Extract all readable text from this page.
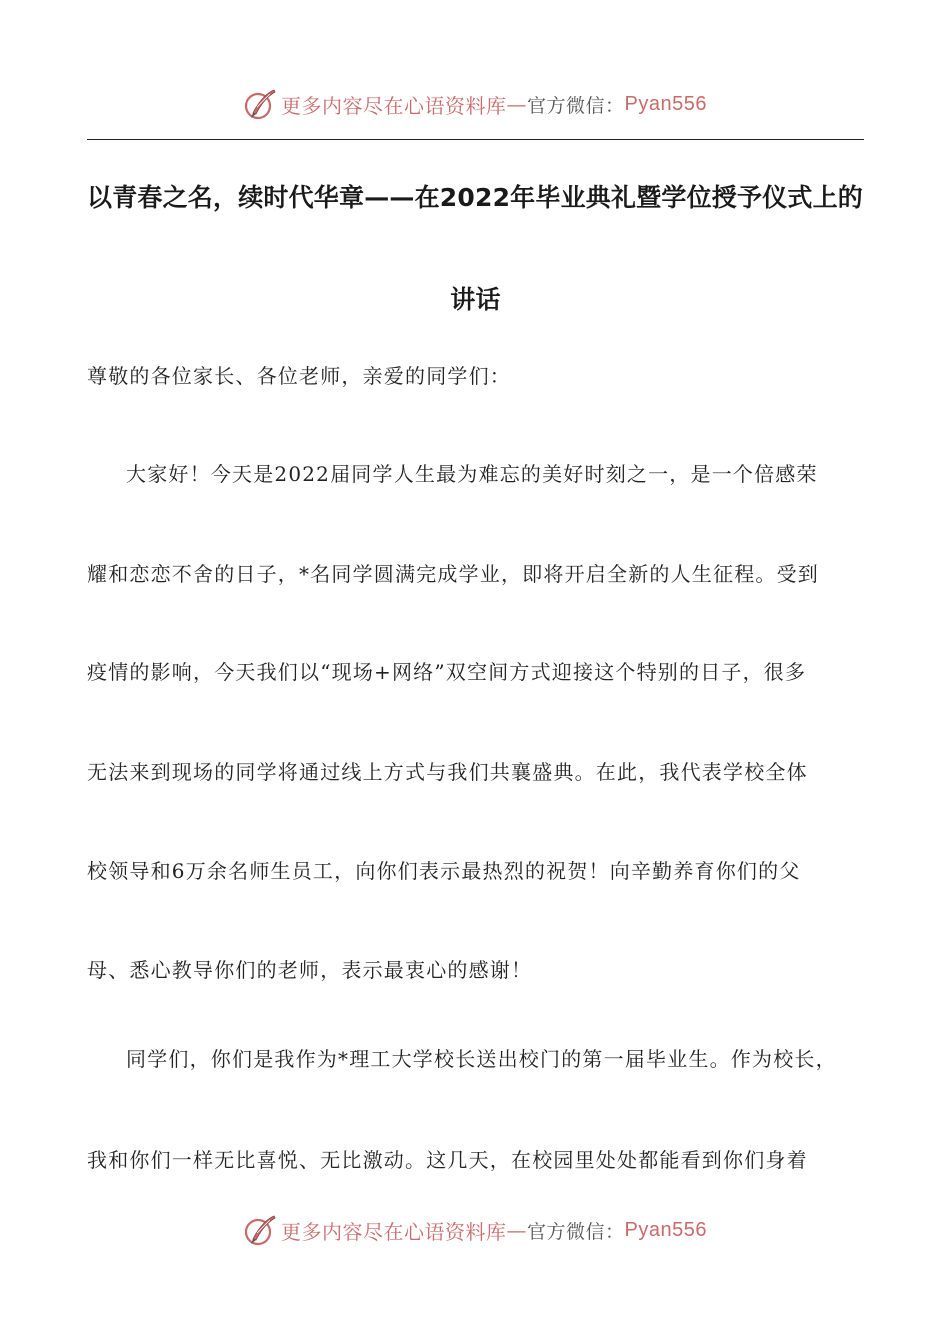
更多内容尽在心语资料库 — 官方微信： Pyan556
以青春之名，续时代华章——在2022年毕业典礼暨学位授予仪式上的
讲话
尊敬的各位家长、各位老师，亲爱的同学们：
大家好！今天是2022届同学人生最为难忘的美好时刻之一，是一个倍感荣
耀和恋恋不舍的日子，*名同学圆满完成学业，即将开启全新的人生征程。受到
疫情的影响，今天我们以“现场+网络”双空间方式迎接这个特别的日子，很多
无法来到现场的同学将通过线上方式与我们共襄盛典。在此，我代表学校全体
校领导和6万余名师生员工，向你们表示最热烈的祝贺！向辛勤养育你们的父
母、悉心教导你们的老师，表示最衷心的感谢！
同学们，你们是我作为*理工大学校长送出校门的第一届毕业生。作为校长，
我和你们一样无比喜悦、无比激动。这几天，在校园里处处都能看到你们身着
更多内容尽在心语资料库 — 官方微信： Pyan556
